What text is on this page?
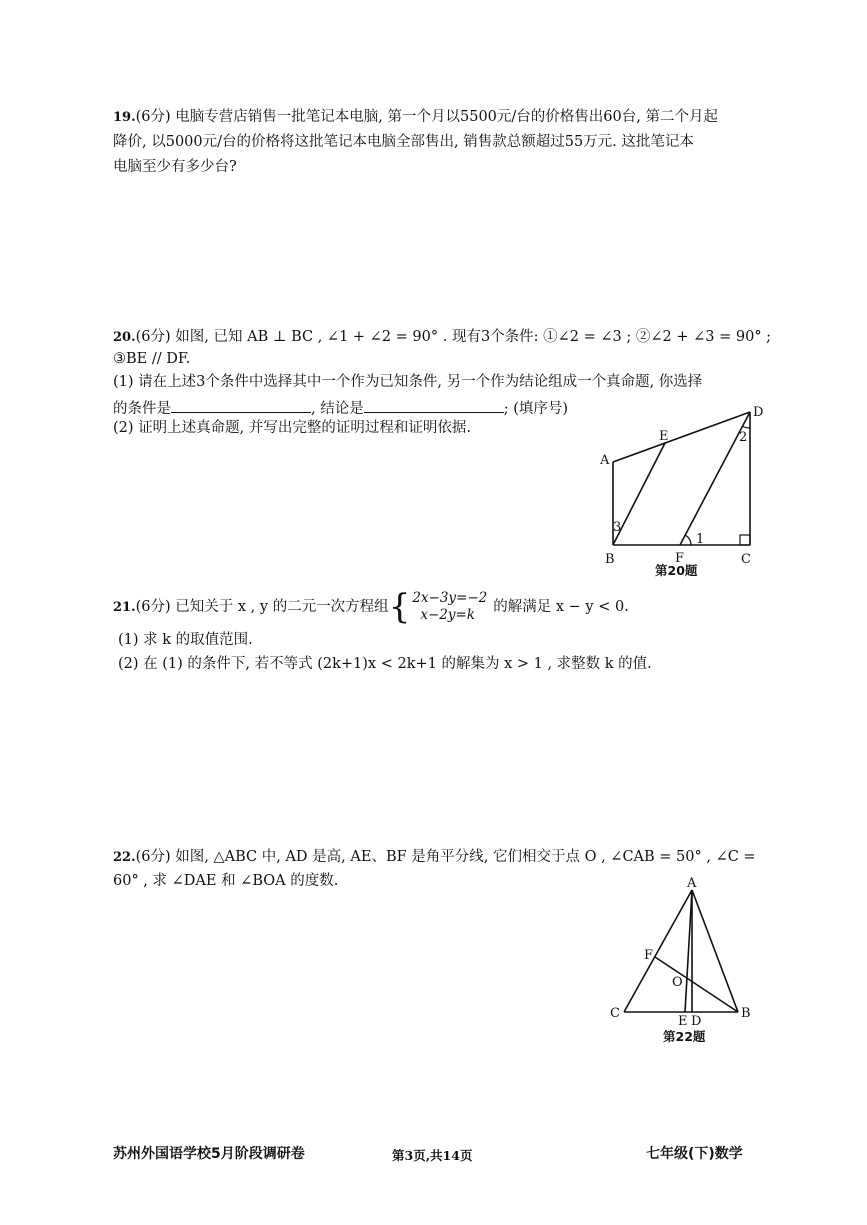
19.(6分) 电脑专营店销售一批笔记本电脑, 第一个月以5500元/台的价格售出60台, 第二个月起
降价, 以5000元/台的价格将这批笔记本电脑全部售出, 销售款总额超过55万元. 这批笔记本
电脑至少有多少台?
20.(6分) 如图, 已知 AB ⊥ BC , ∠1 + ∠2 = 90° . 现有3个条件: ①∠2 = ∠3 ; ②∠2 + ∠3 = 90° ;
③BE // DF.
(1) 请在上述3个条件中选择其中一个作为已知条件, 另一个作为结论组成一个真命题, 你选择
的条件是	, 结论是	; (填序号)
(2) 证明上述真命题, 并写出完整的证明过程和证明依据.
A
B	C
D
E
F
1
2
3
第20题
21. (6分) 已知关于 x , y 的二元一次方程组 { 2x−3y=−2
x−2y=k
的解满足 x − y < 0.
(1) 求 k 的取值范围.
(2) 在 (1) 的条件下, 若不等式 (2k+1)x < 2k+1 的解集为 x > 1 , 求整数 k 的值.
22.(6分) 如图, △ABC 中, AD 是高, AE、BF 是角平分线, 它们相交于点 O , ∠CAB = 50° , ∠C =
60° , 求 ∠DAE 和 ∠BOA 的度数.	A
B
C
D
E
F
O
第22题
苏州外国语学校5月阶段调研卷	第3页,共14页	七年级(下)数学
